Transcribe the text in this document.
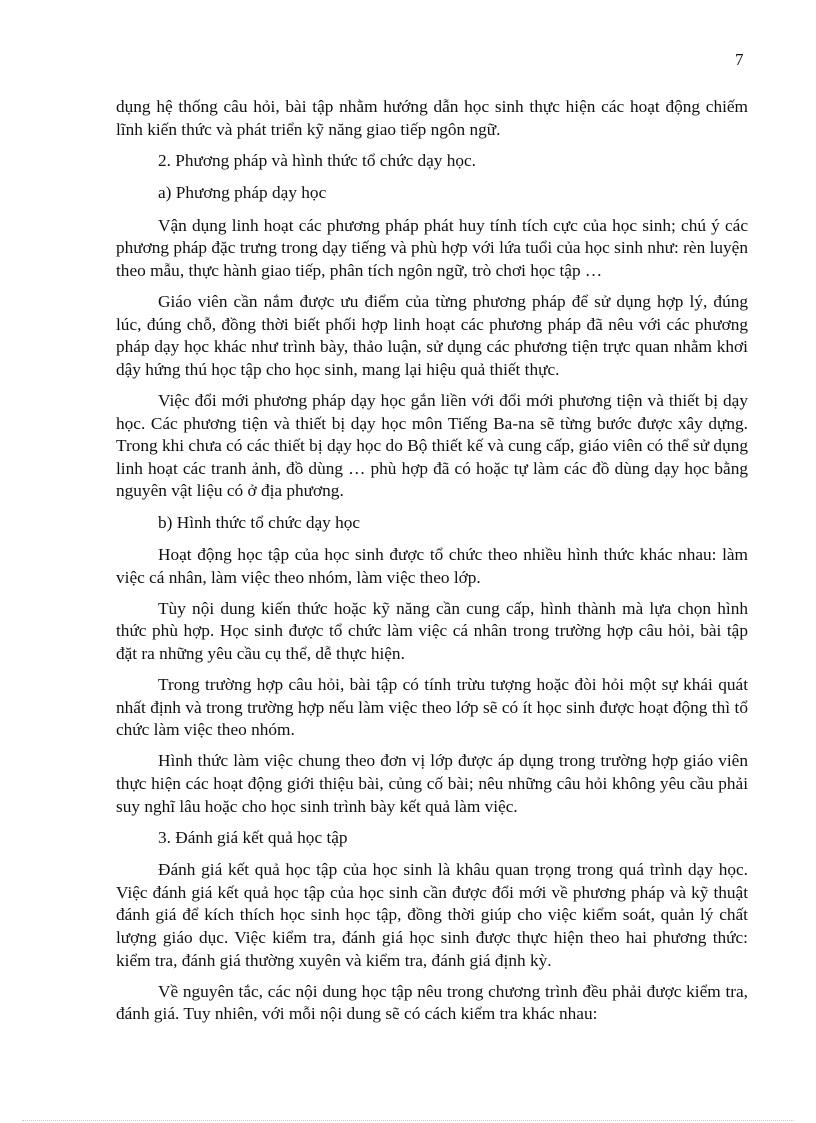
7

dụng hệ thống câu hỏi, bài tập nhằm hướng dẫn học sinh thực hiện các hoạt động chiếm lĩnh kiến thức và phát triển kỹ năng giao tiếp ngôn ngữ.

2. Phương pháp và hình thức tổ chức dạy học.

a) Phương pháp dạy học

Vận dụng linh hoạt các phương pháp phát huy tính tích cực của học sinh; chú ý các phương pháp đặc trưng trong dạy tiếng và phù hợp với lứa tuổi của học sinh như: rèn luyện theo mẫu, thực hành giao tiếp, phân tích ngôn ngữ, trò chơi học tập …

Giáo viên cần nắm được ưu điểm của từng phương pháp để sử dụng hợp lý, đúng lúc, đúng chỗ, đồng thời biết phối hợp linh hoạt các phương pháp đã nêu với các phương pháp dạy học khác như trình bày, thảo luận, sử dụng các phương tiện trực quan nhằm khơi dậy hứng thú học tập cho học sinh, mang lại hiệu quả thiết thực.

Việc đổi mới phương pháp dạy học gắn liền với đổi mới phương tiện và thiết bị dạy học. Các phương tiện và thiết bị dạy học môn Tiếng Ba-na sẽ từng bước được xây dựng. Trong khi chưa có các thiết bị dạy học do Bộ thiết kế và cung cấp, giáo viên có thể sử dụng linh hoạt các tranh ảnh, đồ dùng … phù hợp đã có hoặc tự làm các đồ dùng dạy học bằng nguyên vật liệu có ở địa phương.

b) Hình thức tổ chức dạy học

Hoạt động học tập của học sinh được tổ chức theo nhiều hình thức khác nhau: làm việc cá nhân, làm việc theo nhóm, làm việc theo lớp.

Tùy nội dung kiến thức hoặc kỹ năng cần cung cấp, hình thành mà lựa chọn hình thức phù hợp. Học sinh được tổ chức làm việc cá nhân trong trường hợp câu hỏi, bài tập đặt ra những yêu cầu cụ thể, dễ thực hiện.

Trong trường hợp câu hỏi, bài tập có tính trừu tượng hoặc đòi hỏi một sự khái quát nhất định và trong trường hợp nếu làm việc theo lớp sẽ có ít học sinh được hoạt động thì tổ chức làm việc theo nhóm.

Hình thức làm việc chung theo đơn vị lớp được áp dụng trong trường hợp giáo viên thực hiện các hoạt động giới thiệu bài, củng cố bài; nêu những câu hỏi không yêu cầu phải suy nghĩ lâu hoặc cho học sinh trình bày kết quả làm việc.

3. Đánh giá kết quả học tập

Đánh giá kết quả học tập của học sinh là khâu quan trọng trong quá trình dạy học. Việc đánh giá kết quả học tập của học sinh cần được đổi mới về phương pháp và kỹ thuật đánh giá để kích thích học sinh học tập, đồng thời giúp cho việc kiểm soát, quản lý chất lượng giáo dục. Việc kiểm tra, đánh giá học sinh được thực hiện theo hai phương thức: kiểm tra, đánh giá thường xuyên và kiểm tra, đánh giá định kỳ.

Về nguyên tắc, các nội dung học tập nêu trong chương trình đều phải được kiểm tra, đánh giá. Tuy nhiên, với mỗi nội dung sẽ có cách kiểm tra khác nhau:
